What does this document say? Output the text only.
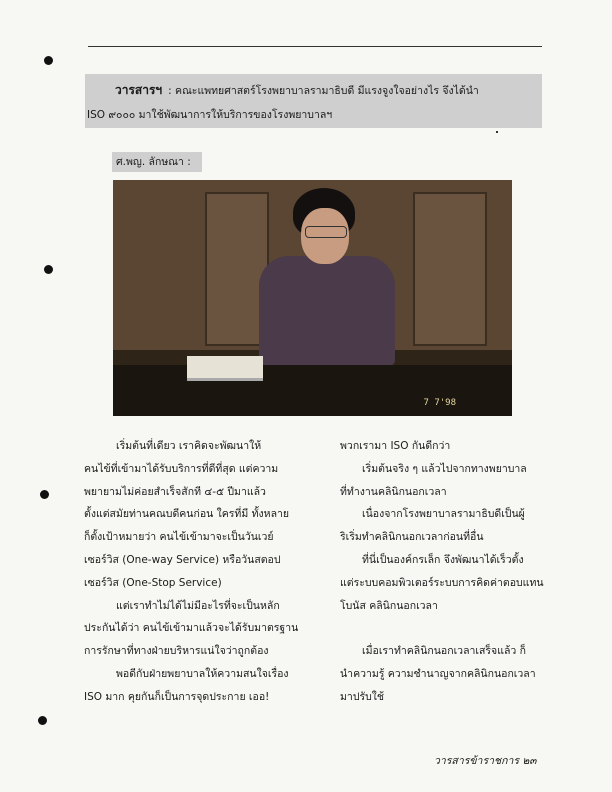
วารสารฯ : คณะแพทยศาสตร์โรงพยาบาลรามาธิบดี มีแรงจูงใจอย่างไร จึงได้นำ
ISO ๙๐๐๐ มาใช้พัฒนาการให้บริการของโรงพยาบาลฯ
ศ.พญ. ลักษณา :
7 7'98
เริ่มต้นที่เดียว เราคิดจะพัฒนาให้
คนไข้ที่เข้ามาได้รับบริการที่ดีที่สุด แต่ความ
พยายามไม่ค่อยสำเร็จสักที ๔-๕ ปีมาแล้ว
ตั้งแต่สมัยท่านคณบดีคนก่อน ใครที่มี ทั้งหลาย
ก็ตั้งเป้าหมายว่า คนไข้เข้ามาจะเป็นวันเวย์
เซอร์วิส (One-way Service) หรือวันสตอป
เซอร์วิส (One-Stop Service)
แต่เราทำไม่ได้ไม่มีอะไรที่จะเป็นหลัก
ประกันได้ว่า คนไข้เข้ามาแล้วจะได้รับมาตรฐาน
การรักษาที่ทางฝ่ายบริหารแน่ใจว่าถูกต้อง
พอดีกับฝ่ายพยาบาลให้ความสนใจเรื่อง
ISO มาก คุยกันก็เป็นการจุดประกาย เออ!
พวกเรามา ISO กันดีกว่า
เริ่มต้นจริง ๆ แล้วไปจากทางพยาบาล
ที่ทำงานคลินิกนอกเวลา
เนื่องจากโรงพยาบาลรามาธิบดีเป็นผู้
ริเริ่มทำคลินิกนอกเวลาก่อนที่อื่น
ที่นี่เป็นองค์กรเล็ก จึงพัฒนาได้เร็วตั้ง
แต่ระบบคอมพิวเตอร์ระบบการคิดค่าตอบแทน
โบนัส คลินิกนอกเวลา
เมื่อเราทำคลินิกนอกเวลาเสร็จแล้ว ก็
นำความรู้ ความชำนาญจากคลินิกนอกเวลา
มาปรับใช้
วารสารข้าราชการ ๒๓
